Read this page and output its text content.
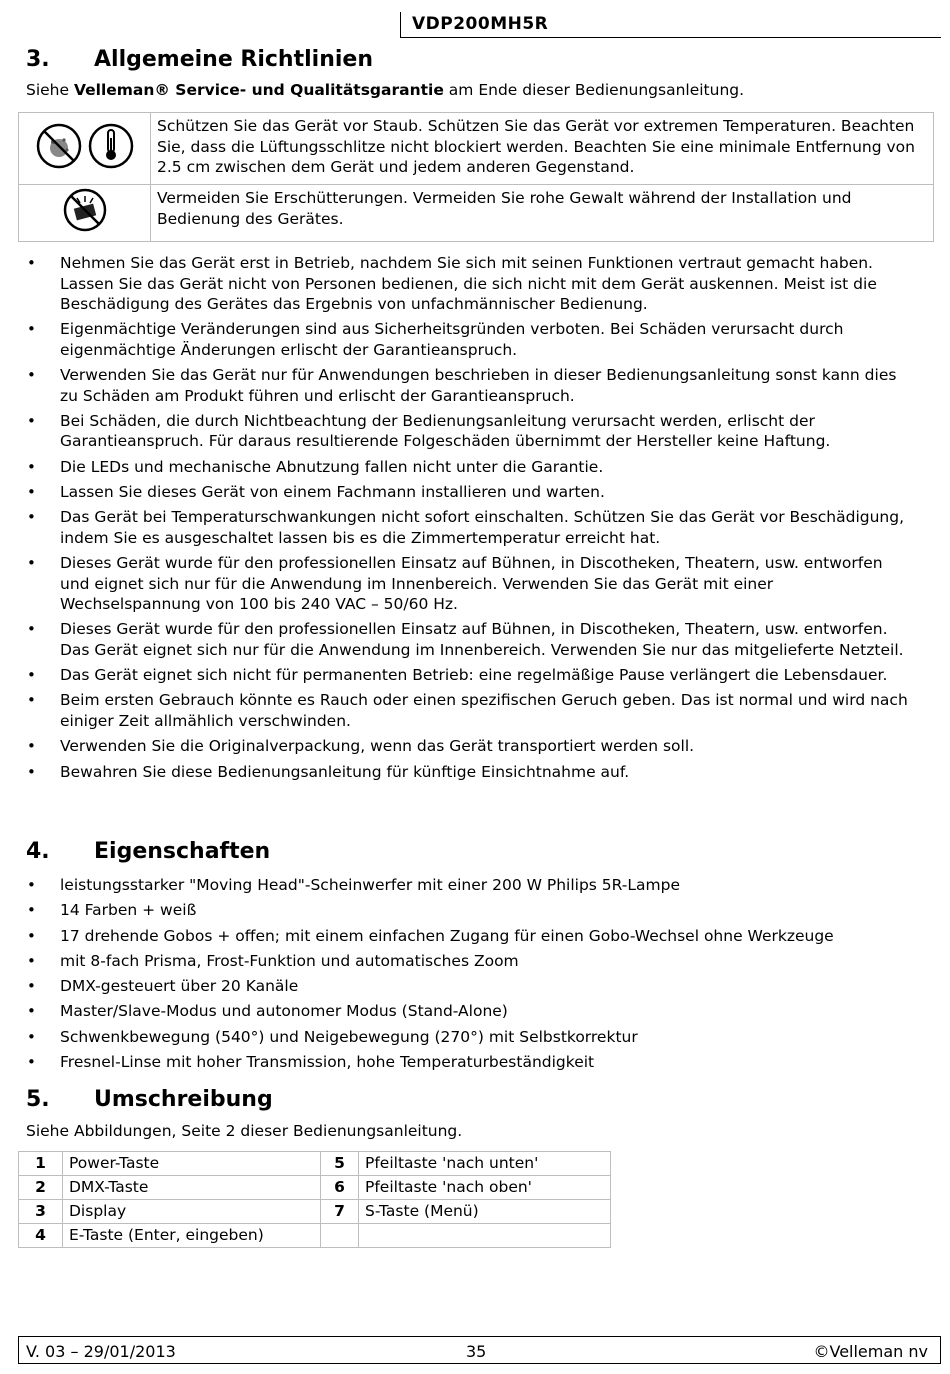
VDP200MH5R
3. Allgemeine Richtlinien
Siehe Velleman® Service- und Qualitätsgarantie am Ende dieser Bedienungsanleitung.
	Schützen Sie das Gerät vor Staub. Schützen Sie das Gerät vor extremen Temperaturen. Beachten Sie, dass die Lüftungsschlitze nicht blockiert werden. Beachten Sie eine minimale Entfernung von 2.5 cm zwischen dem Gerät und jedem anderen Gegenstand.
	Vermeiden Sie Erschütterungen. Vermeiden Sie rohe Gewalt während der Installation und Bedienung des Gerätes.
• Nehmen Sie das Gerät erst in Betrieb, nachdem Sie sich mit seinen Funktionen vertraut gemacht haben. Lassen Sie das Gerät nicht von Personen bedienen, die sich nicht mit dem Gerät auskennen. Meist ist die Beschädigung des Gerätes das Ergebnis von unfachmännischer Bedienung.
• Eigenmächtige Veränderungen sind aus Sicherheitsgründen verboten. Bei Schäden verursacht durch eigenmächtige Änderungen erlischt der Garantieanspruch.
• Verwenden Sie das Gerät nur für Anwendungen beschrieben in dieser Bedienungsanleitung sonst kann dies zu Schäden am Produkt führen und erlischt der Garantieanspruch.
• Bei Schäden, die durch Nichtbeachtung der Bedienungsanleitung verursacht werden, erlischt der Garantieanspruch. Für daraus resultierende Folgeschäden übernimmt der Hersteller keine Haftung.
• Die LEDs und mechanische Abnutzung fallen nicht unter die Garantie.
• Lassen Sie dieses Gerät von einem Fachmann installieren und warten.
• Das Gerät bei Temperaturschwankungen nicht sofort einschalten. Schützen Sie das Gerät vor Beschädigung, indem Sie es ausgeschaltet lassen bis es die Zimmertemperatur erreicht hat.
• Dieses Gerät wurde für den professionellen Einsatz auf Bühnen, in Discotheken, Theatern, usw. entworfen und eignet sich nur für die Anwendung im Innenbereich. Verwenden Sie das Gerät mit einer Wechselspannung von 100 bis 240 VAC – 50/60 Hz.
• Dieses Gerät wurde für den professionellen Einsatz auf Bühnen, in Discotheken, Theatern, usw. entworfen. Das Gerät eignet sich nur für die Anwendung im Innenbereich. Verwenden Sie nur das mitgelieferte Netzteil.
• Das Gerät eignet sich nicht für permanenten Betrieb: eine regelmäßige Pause verlängert die Lebensdauer.
• Beim ersten Gebrauch könnte es Rauch oder einen spezifischen Geruch geben. Das ist normal und wird nach einiger Zeit allmählich verschwinden.
• Verwenden Sie die Originalverpackung, wenn das Gerät transportiert werden soll.
• Bewahren Sie diese Bedienungsanleitung für künftige Einsichtnahme auf.
4. Eigenschaften
• leistungsstarker "Moving Head"-Scheinwerfer mit einer 200 W Philips 5R-Lampe
• 14 Farben + weiß
• 17 drehende Gobos + offen; mit einem einfachen Zugang für einen Gobo-Wechsel ohne Werkzeuge
• mit 8-fach Prisma, Frost-Funktion und automatisches Zoom
• DMX-gesteuert über 20 Kanäle
• Master/Slave-Modus und autonomer Modus (Stand-Alone)
• Schwenkbewegung (540°) und Neigebewegung (270°) mit Selbstkorrektur
• Fresnel-Linse mit hoher Transmission, hohe Temperaturbeständigkeit
5. Umschreibung
Siehe Abbildungen, Seite 2 dieser Bedienungsanleitung.
1	Power-Taste	5	Pfeiltaste 'nach unten'
2	DMX-Taste	6	Pfeiltaste 'nach oben'
3	Display	7	S-Taste (Menü)
4	E-Taste (Enter, eingeben)		
V. 03 – 29/01/2013	35	©Velleman nv
